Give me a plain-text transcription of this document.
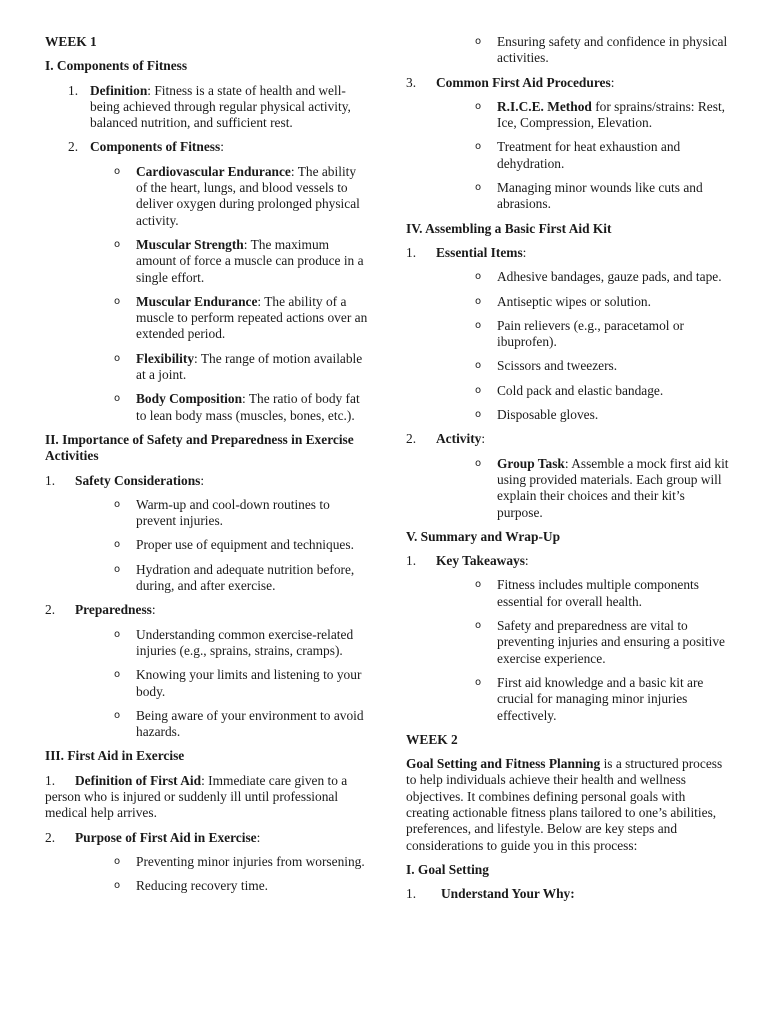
WEEK 1

I. Components of Fitness

1. Definition: Fitness is a state of health and well-being achieved through regular physical activity, balanced nutrition, and sufficient rest.
2. Components of Fitness:
o Cardiovascular Endurance: The ability of the heart, lungs, and blood vessels to deliver oxygen during prolonged physical activity.
o Muscular Strength: The maximum amount of force a muscle can produce in a single effort.
o Muscular Endurance: The ability of a muscle to perform repeated actions over an extended period.
o Flexibility: The range of motion available at a joint.
o Body Composition: The ratio of body fat to lean body mass (muscles, bones, etc.).

II. Importance of Safety and Preparedness in Exercise Activities

1. Safety Considerations:
o Warm-up and cool-down routines to prevent injuries.
o Proper use of equipment and techniques.
o Hydration and adequate nutrition before, during, and after exercise.
2. Preparedness:
o Understanding common exercise-related injuries (e.g., sprains, strains, cramps).
o Knowing your limits and listening to your body.
o Being aware of your environment to avoid hazards.

III. First Aid in Exercise

1. Definition of First Aid: Immediate care given to a person who is injured or suddenly ill until professional medical help arrives.
2. Purpose of First Aid in Exercise:
o Preventing minor injuries from worsening.
o Reducing recovery time.
o Ensuring safety and confidence in physical activities.
3. Common First Aid Procedures:
o R.I.C.E. Method for sprains/strains: Rest, Ice, Compression, Elevation.
o Treatment for heat exhaustion and dehydration.
o Managing minor wounds like cuts and abrasions.

IV. Assembling a Basic First Aid Kit

1. Essential Items:
o Adhesive bandages, gauze pads, and tape.
o Antiseptic wipes or solution.
o Pain relievers (e.g., paracetamol or ibuprofen).
o Scissors and tweezers.
o Cold pack and elastic bandage.
o Disposable gloves.
2. Activity:
o Group Task: Assemble a mock first aid kit using provided materials. Each group will explain their choices and their kit’s purpose.

V. Summary and Wrap-Up

1. Key Takeaways:
o Fitness includes multiple components essential for overall health.
o Safety and preparedness are vital to preventing injuries and ensuring a positive exercise experience.
o First aid knowledge and a basic kit are crucial for managing minor injuries effectively.

WEEK 2

Goal Setting and Fitness Planning is a structured process to help individuals achieve their health and wellness objectives. It combines defining personal goals with creating actionable fitness plans tailored to one’s abilities, preferences, and lifestyle. Below are key steps and considerations to guide you in this process:

I. Goal Setting

1. Understand Your Why:
